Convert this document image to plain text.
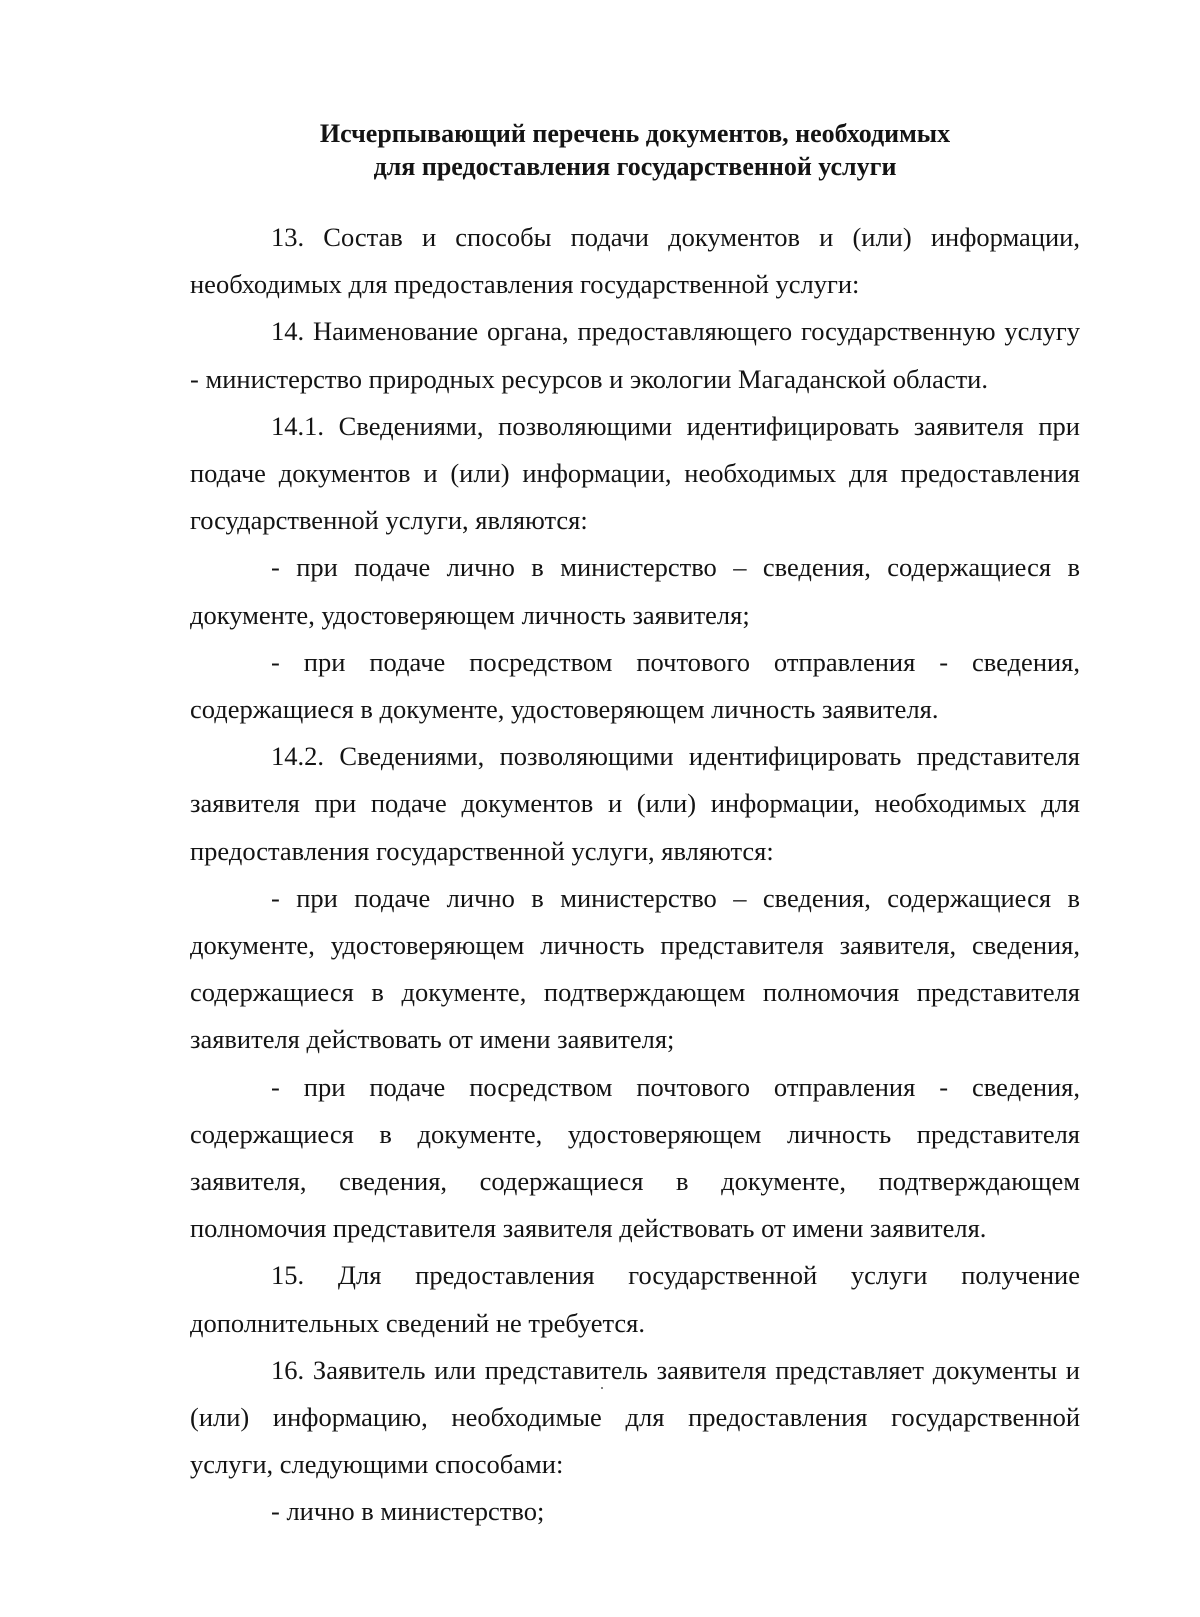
Исчерпывающий перечень документов, необходимых
для предоставления государственной услуги

13. Состав и способы подачи документов и (или) информации, необходимых для предоставления государственной услуги:

14. Наименование органа, предоставляющего государственную услугу - министерство природных ресурсов и экологии Магаданской области.

14.1. Сведениями, позволяющими идентифицировать заявителя при подаче документов и (или) информации, необходимых для предоставления государственной услуги, являются:

- при подаче лично в министерство – сведения, содержащиеся в документе, удостоверяющем личность заявителя;

- при подаче посредством почтового отправления - сведения, содержащиеся в документе, удостоверяющем личность заявителя.

14.2. Сведениями, позволяющими идентифицировать представителя заявителя при подаче документов и (или) информации, необходимых для предоставления государственной услуги, являются:

- при подаче лично в министерство – сведения, содержащиеся в документе, удостоверяющем личность представителя заявителя, сведения, содержащиеся в документе, подтверждающем полномочия представителя заявителя действовать от имени заявителя;

- при подаче посредством почтового отправления - сведения, содержащиеся в документе, удостоверяющем личность представителя заявителя, сведения, содержащиеся в документе, подтверждающем полномочия представителя заявителя действовать от имени заявителя.

15. Для предоставления государственной услуги получение дополнительных сведений не требуется.

16. Заявитель или представитель заявителя представляет документы и (или) информацию, необходимые для предоставления государственной услуги, следующими способами:

- лично в министерство;
